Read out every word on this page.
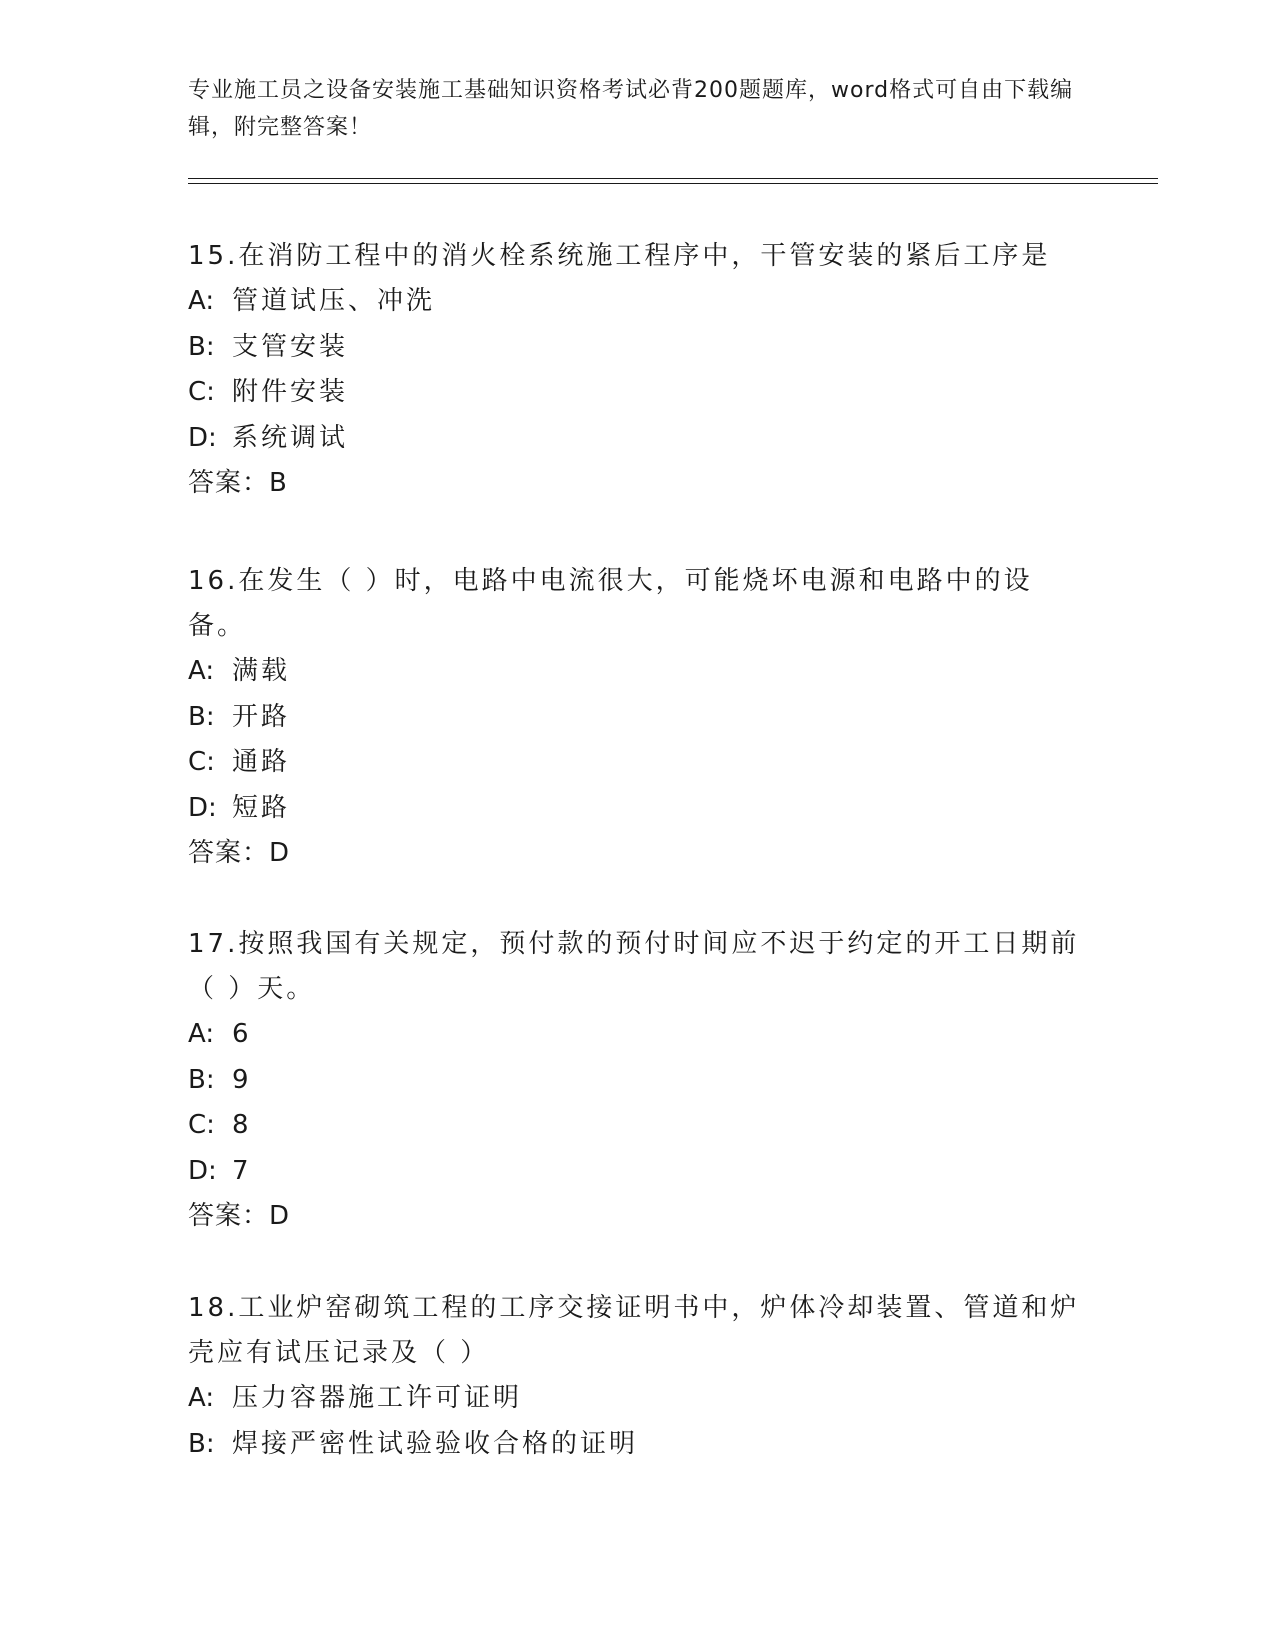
专业施工员之设备安装施工基础知识资格考试必背200题题库，word格式可自由下载编辑，附完整答案！

15.在消防工程中的消火栓系统施工程序中，干管安装的紧后工序是

A: 管道试压、冲洗
B: 支管安装
C: 附件安装
D: 系统调试
答案：B

16.在发生（ ）时，电路中电流很大，可能烧坏电源和电路中的设备。

A: 满载
B: 开路
C: 通路
D: 短路
答案：D

17.按照我国有关规定，预付款的预付时间应不迟于约定的开工日期前（ ）天。

A: 6
B: 9
C: 8
D: 7
答案：D

18.工业炉窑砌筑工程的工序交接证明书中，炉体冷却装置、管道和炉壳应有试压记录及（ ）

A: 压力容器施工许可证明
B: 焊接严密性试验验收合格的证明
